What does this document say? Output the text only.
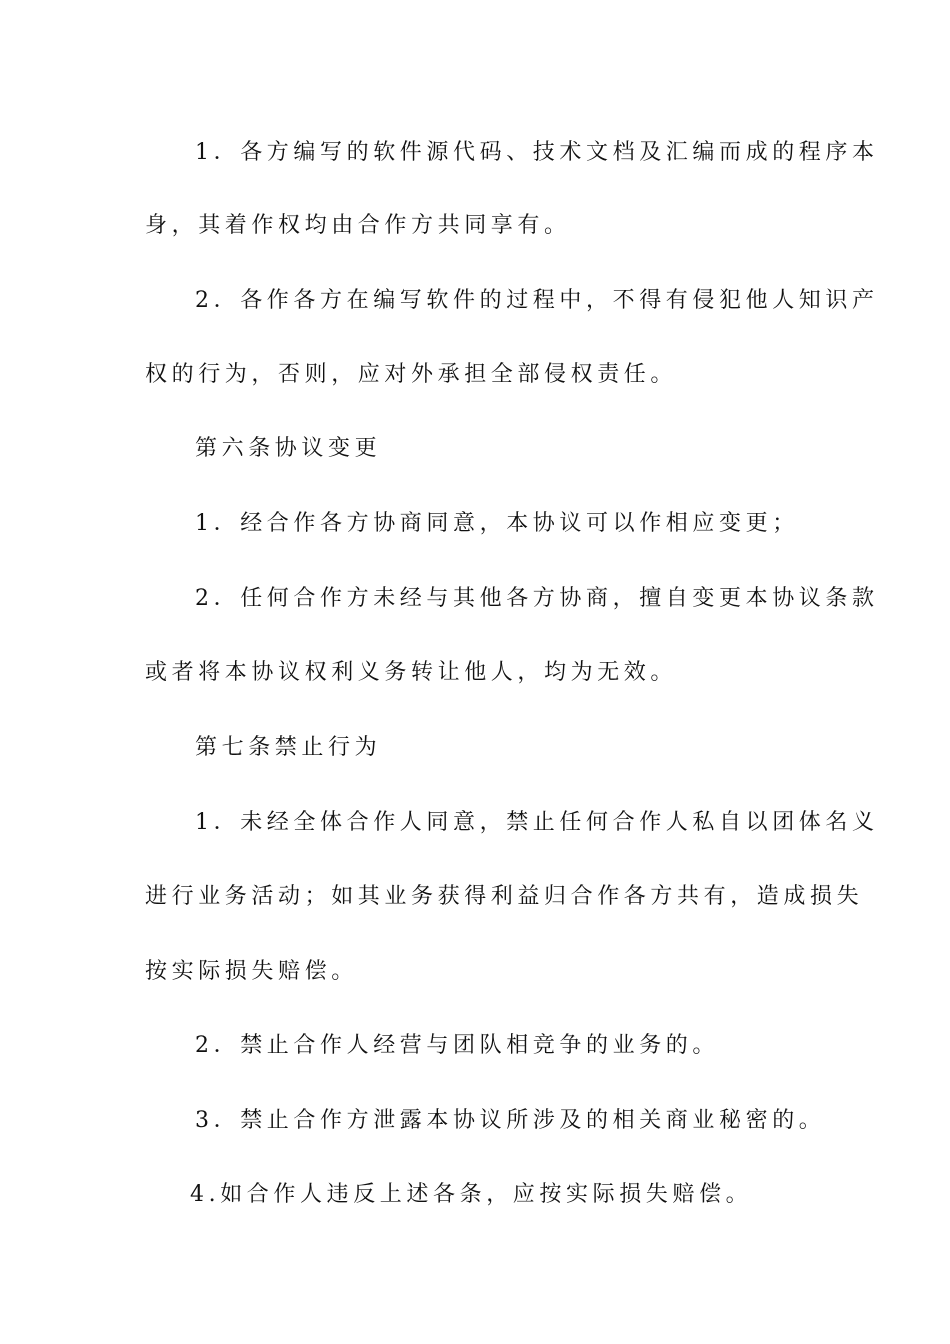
1．各方编写的软件源代码、技术文档及汇编而成的程序本

身，其着作权均由合作方共同享有。

2．各作各方在编写软件的过程中，不得有侵犯他人知识产

权的行为，否则，应对外承担全部侵权责任。

第六条协议变更

1．经合作各方协商同意，本协议可以作相应变更；

2．任何合作方未经与其他各方协商，擅自变更本协议条款

或者将本协议权利义务转让他人，均为无效。

第七条禁止行为

1．未经全体合作人同意，禁止任何合作人私自以团体名义

进行业务活动；如其业务获得利益归合作各方共有，造成损失

按实际损失赔偿。

2．禁止合作人经营与团队相竞争的业务的。

3．禁止合作方泄露本协议所涉及的相关商业秘密的。

4.如合作人违反上述各条，应按实际损失赔偿。
